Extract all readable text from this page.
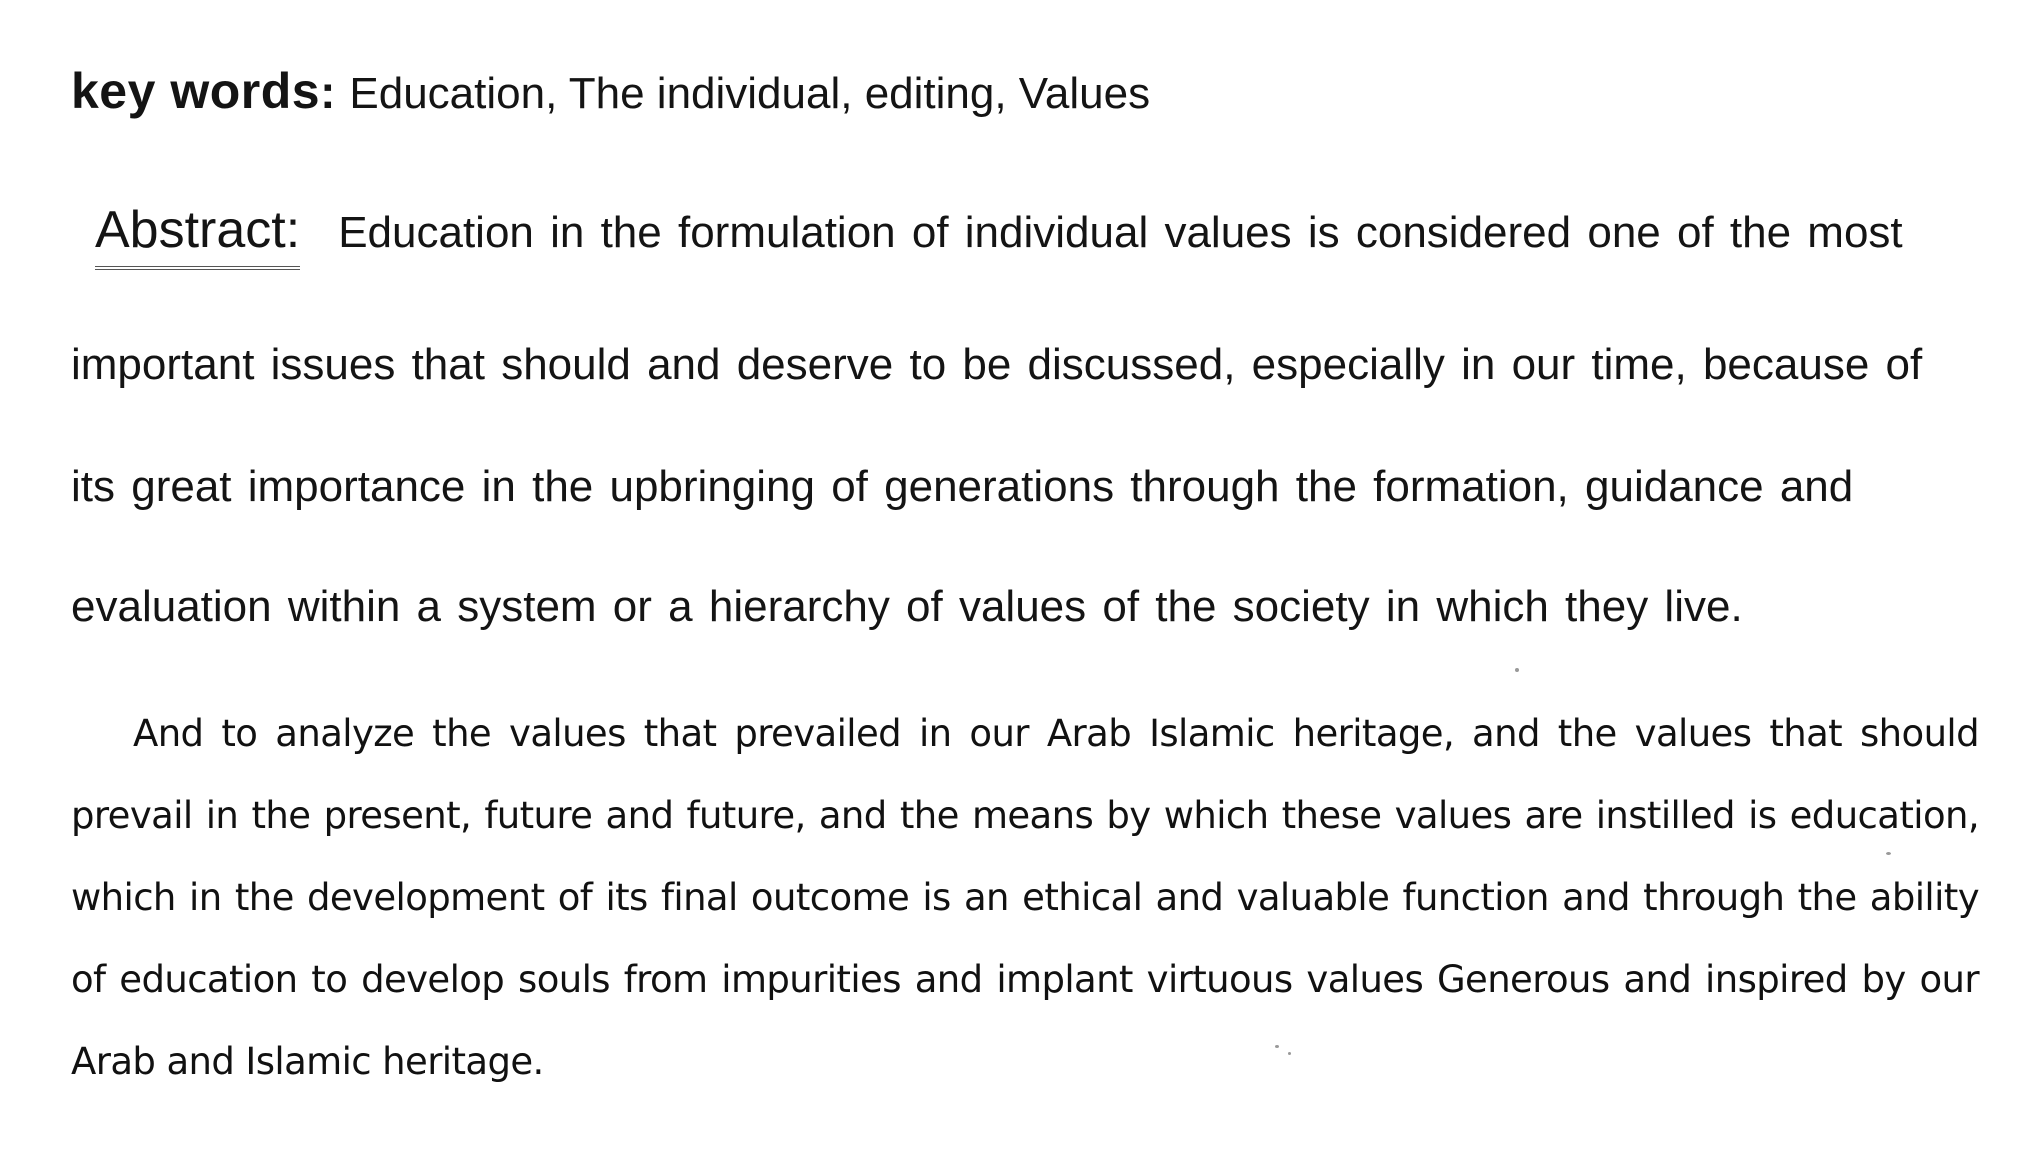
key words: Education, The individual, editing, Values
Abstract: Education in the formulation of individual values is considered one of the most
important issues that should and deserve to be discussed, especially in our time, because of
its great importance in the upbringing of generations through the formation, guidance and
evaluation within a system or a hierarchy of values of the society in which they live.
And to analyze the values that prevailed in our Arab Islamic heritage, and the values that should prevail in the present, future and future, and the means by which these values are instilled is education, which in the development of its final outcome is an ethical and valuable function and through the ability of education to develop souls from impurities and implant virtuous values Generous and inspired by our Arab and Islamic heritage.
